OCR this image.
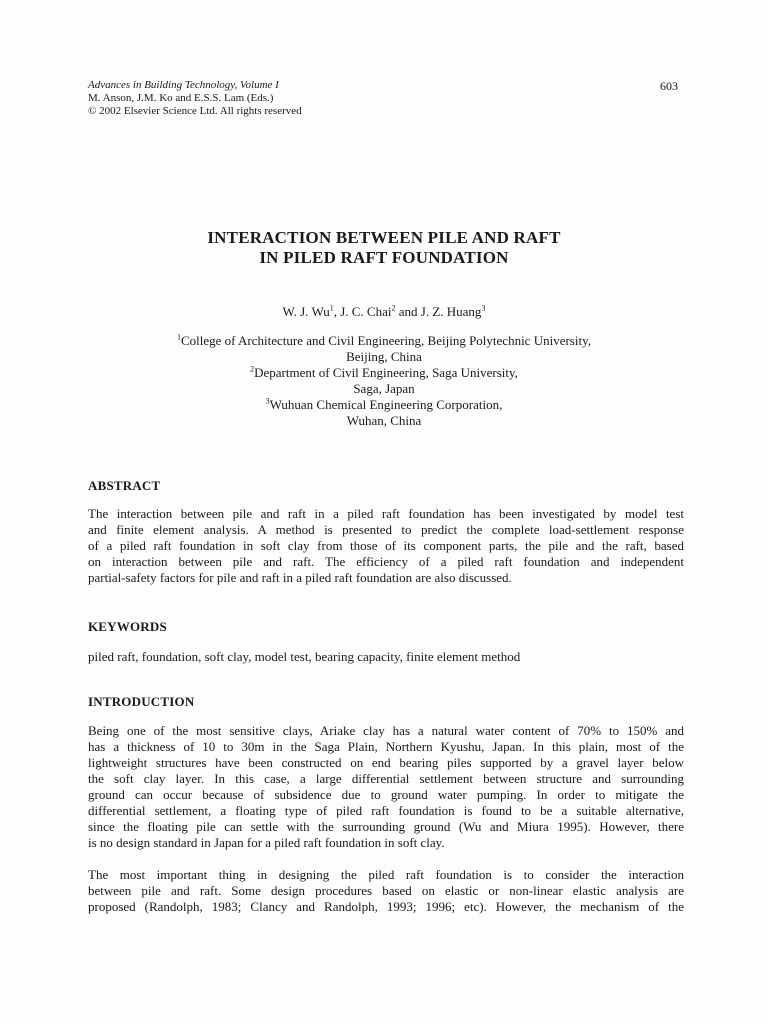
Advances in Building Technology, Volume I
M. Anson, J.M. Ko and E.S.S. Lam (Eds.)
© 2002 Elsevier Science Ltd. All rights reserved
603
INTERACTION BETWEEN PILE AND RAFT
IN PILED RAFT FOUNDATION
W. J. Wu$^1$, J. C. Chai$^2$ and J. Z. Huang$^3$
$^1$College of Architecture and Civil Engineering, Beijing Polytechnic University,
Beijing, China
$^2$Department of Civil Engineering, Saga University,
Saga, Japan
$^3$Wuhuan Chemical Engineering Corporation,
Wuhan, China
ABSTRACT
The interaction between pile and raft in a piled raft foundation has been investigated by model test
and finite element analysis. A method is presented to predict the complete load-settlement response
of a piled raft foundation in soft clay from those of its component parts, the pile and the raft, based
on interaction between pile and raft. The efficiency of a piled raft foundation and independent
partial-safety factors for pile and raft in a piled raft foundation are also discussed.
KEYWORDS
piled raft, foundation, soft clay, model test, bearing capacity, finite element method
INTRODUCTION
Being one of the most sensitive clays, Ariake clay has a natural water content of 70% to 150% and
has a thickness of 10 to 30m in the Saga Plain, Northern Kyushu, Japan. In this plain, most of the
lightweight structures have been constructed on end bearing piles supported by a gravel layer below
the soft clay layer. In this case, a large differential settlement between structure and surrounding
ground can occur because of subsidence due to ground water pumping. In order to mitigate the
differential settlement, a floating type of piled raft foundation is found to be a suitable alternative,
since the floating pile can settle with the surrounding ground (Wu and Miura 1995). However, there
is no design standard in Japan for a piled raft foundation in soft clay.
The most important thing in designing the piled raft foundation is to consider the interaction
between pile and raft. Some design procedures based on elastic or non-linear elastic analysis are
proposed (Randolph, 1983; Clancy and Randolph, 1993; 1996; etc). However, the mechanism of the
